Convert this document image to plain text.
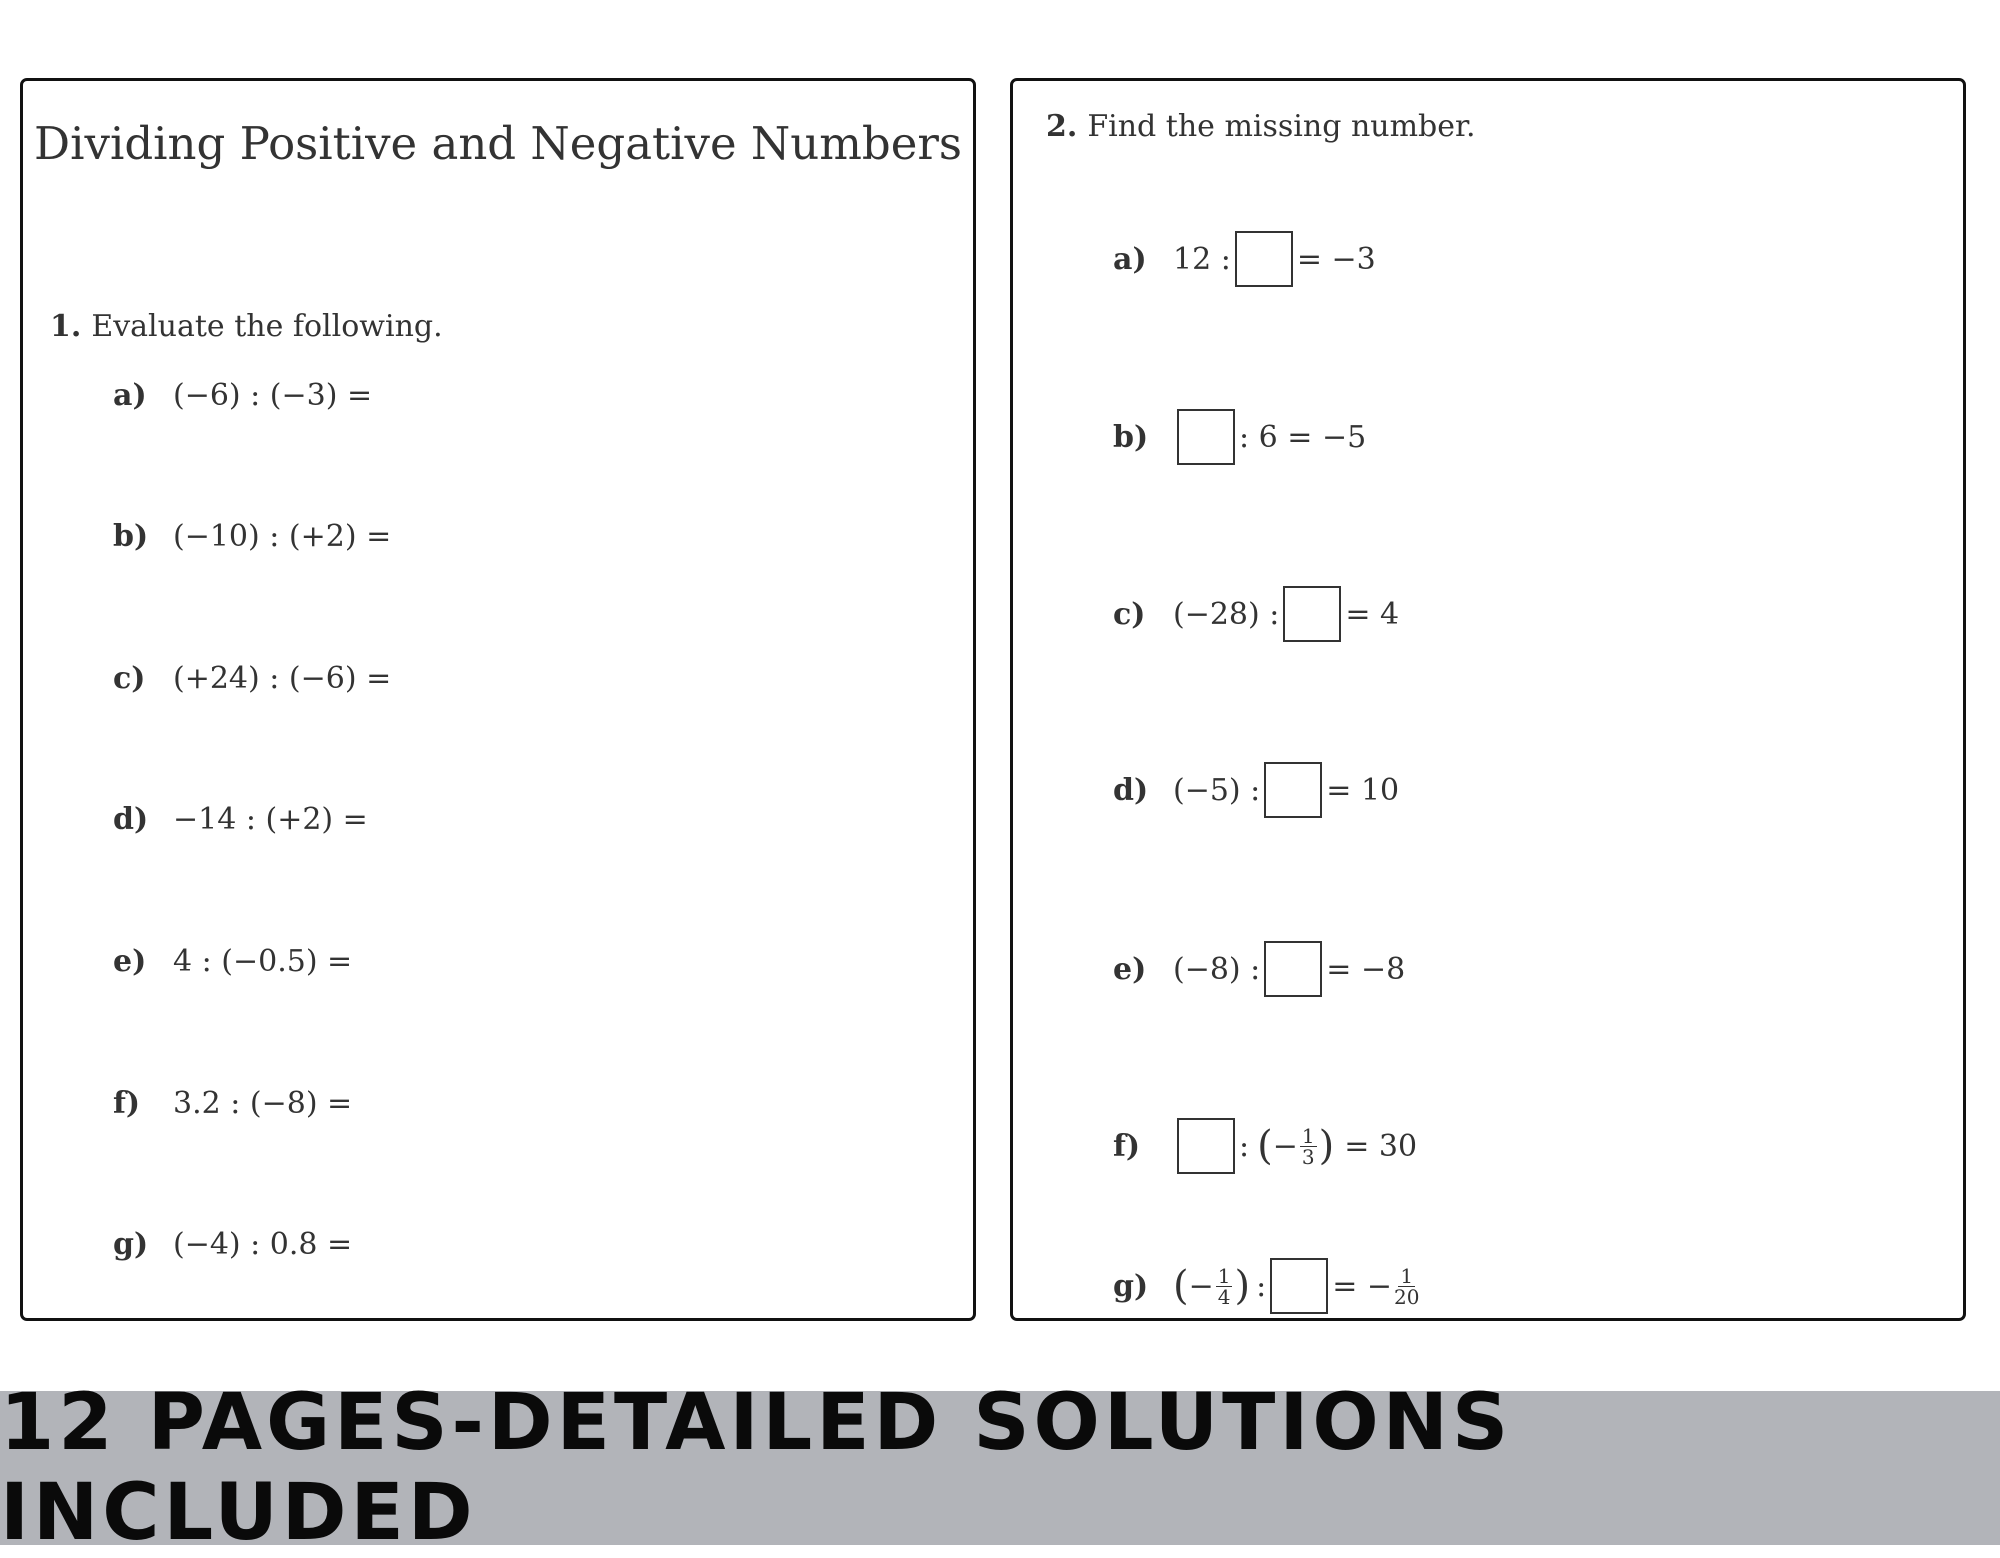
Dividing Positive and Negative Numbers
1. Evaluate the following.
a) (−6) : (−3) =
b) (−10) : (+2) =
c) (+24) : (−6) =
d) −14 : (+2) =
e) 4 : (−0.5) =
f)	3.2 : (−8) =
g) (−4) : 0.8 =
2. Find the missing number.
a) 12 : = −3
b)	: 6 = −5
c) (−28) : = 4
d) (−5) : = 10
e) (−8) : = −8
f)	: ( − $\frac{1}{3}$ ) = 30
g) ( − $\frac{1}{4}$ ) : = − $\frac{1}{20}$
12 PAGES-DETAILED SOLUTIONS INCLUDED
